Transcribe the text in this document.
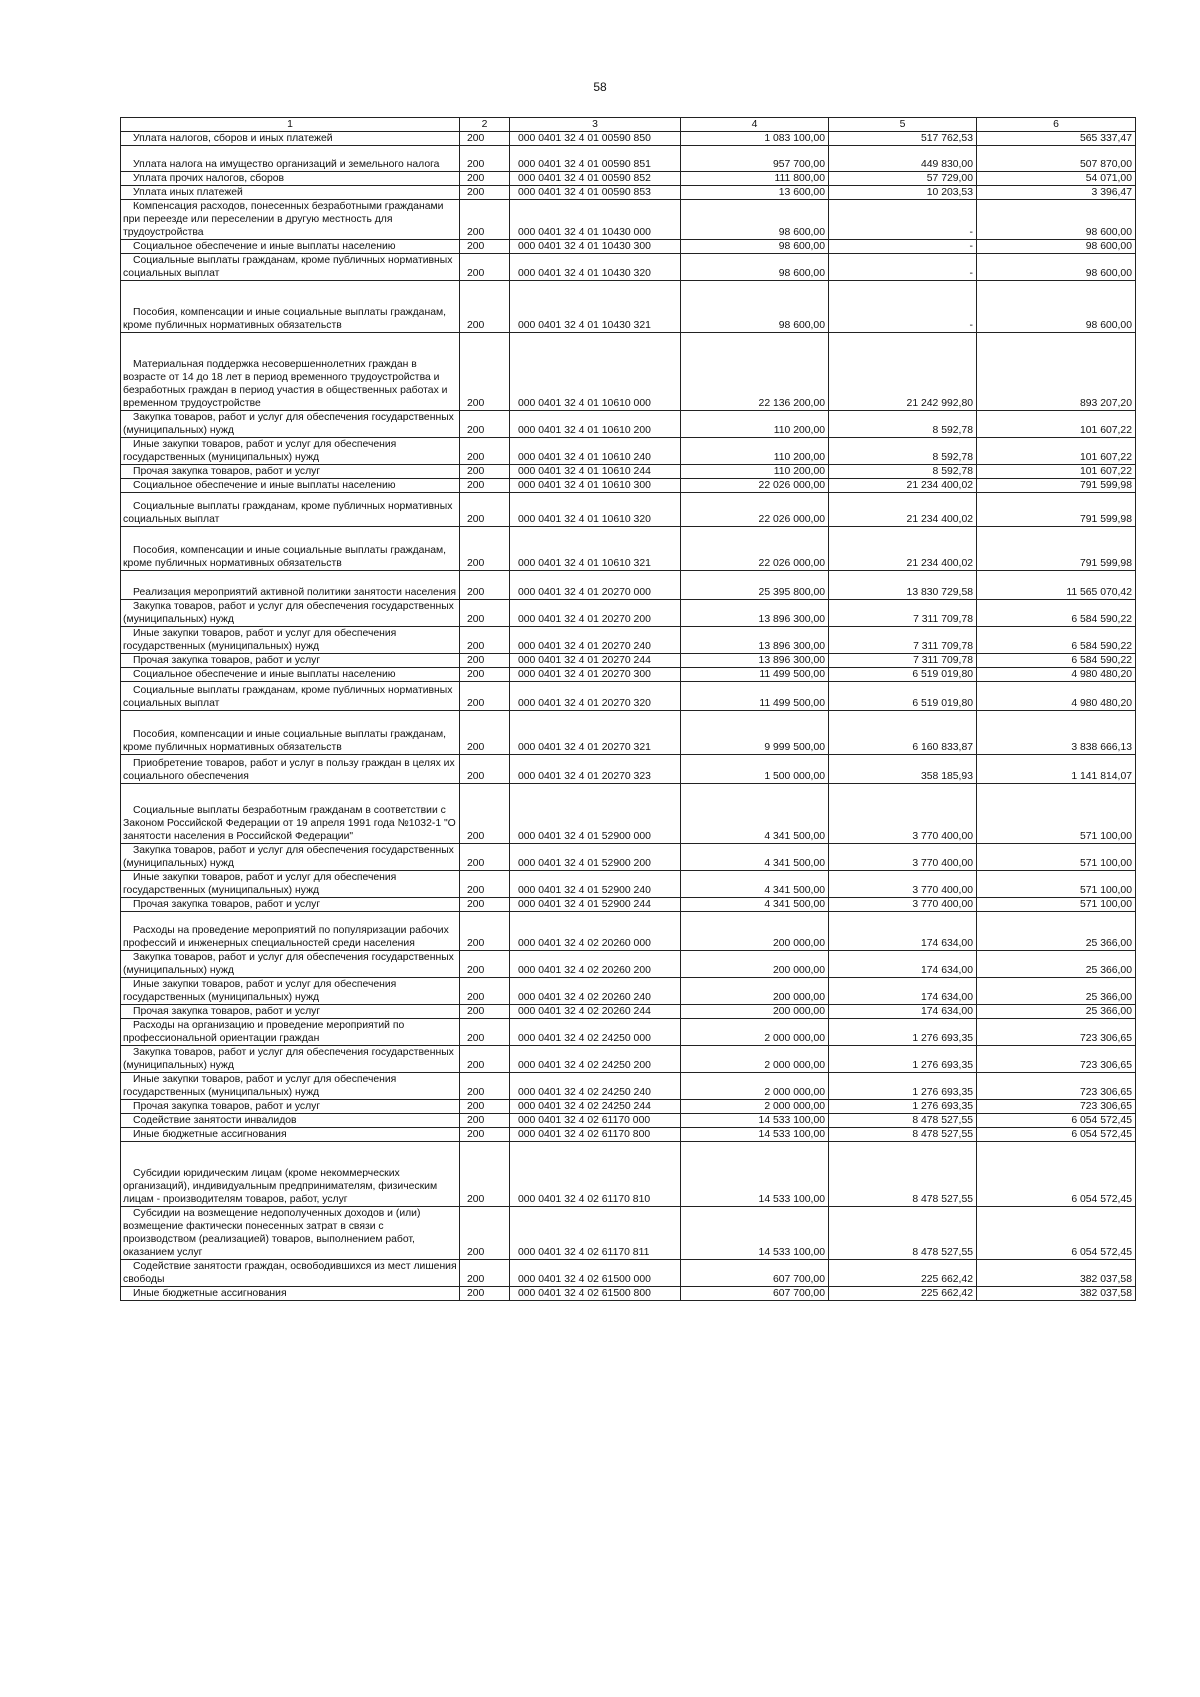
58
1	2	3	4	5	6

Уплата налогов, сборов и иных платежей	200	000 0401 32 4 01 00590 850	1 083 100,00	517 762,53	565 337,47

Уплата налога на имущество организаций и земельного налога	200	000 0401 32 4 01 00590 851	957 700,00	449 830,00	507 870,00

Уплата прочих налогов, сборов	200	000 0401 32 4 01 00590 852	111 800,00	57 729,00	54 071,00

Уплата иных платежей	200	000 0401 32 4 01 00590 853	13 600,00	10 203,53	3 396,47

Компенсация расходов, понесенных безработными гражданами при переезде или переселении в другую местность для трудоустройства	200	000 0401 32 4 01 10430 000	98 600,00	-	98 600,00

Социальное обеспечение и иные выплаты населению	200	000 0401 32 4 01 10430 300	98 600,00	-	98 600,00

Социальные выплаты гражданам, кроме публичных нормативных социальных выплат	200	000 0401 32 4 01 10430 320	98 600,00	-	98 600,00

Пособия, компенсации и иные социальные выплаты гражданам, кроме публичных нормативных обязательств	200	000 0401 32 4 01 10430 321	98 600,00	-	98 600,00

Материальная поддержка несовершеннолетних граждан в возрасте от 14 до 18 лет в период временного трудоустройства и безработных граждан в период участия в общественных работах и временном трудоустройстве	200	000 0401 32 4 01 10610 000	22 136 200,00	21 242 992,80	893 207,20

Закупка товаров, работ и услуг для обеспечения государственных (муниципальных) нужд	200	000 0401 32 4 01 10610 200	110 200,00	8 592,78	101 607,22

Иные закупки товаров, работ и услуг для обеспечения государственных (муниципальных) нужд	200	000 0401 32 4 01 10610 240	110 200,00	8 592,78	101 607,22

Прочая закупка товаров, работ и услуг	200	000 0401 32 4 01 10610 244	110 200,00	8 592,78	101 607,22

Социальное обеспечение и иные выплаты населению	200	000 0401 32 4 01 10610 300	22 026 000,00	21 234 400,02	791 599,98

Социальные выплаты гражданам, кроме публичных нормативных социальных выплат	200	000 0401 32 4 01 10610 320	22 026 000,00	21 234 400,02	791 599,98

Пособия, компенсации и иные социальные выплаты гражданам, кроме публичных нормативных обязательств	200	000 0401 32 4 01 10610 321	22 026 000,00	21 234 400,02	791 599,98

Реализация мероприятий активной политики занятости населения	200	000 0401 32 4 01 20270 000	25 395 800,00	13 830 729,58	11 565 070,42

Закупка товаров, работ и услуг для обеспечения государственных (муниципальных) нужд	200	000 0401 32 4 01 20270 200	13 896 300,00	7 311 709,78	6 584 590,22

Иные закупки товаров, работ и услуг для обеспечения государственных (муниципальных) нужд	200	000 0401 32 4 01 20270 240	13 896 300,00	7 311 709,78	6 584 590,22

Прочая закупка товаров, работ и услуг	200	000 0401 32 4 01 20270 244	13 896 300,00	7 311 709,78	6 584 590,22

Социальное обеспечение и иные выплаты населению	200	000 0401 32 4 01 20270 300	11 499 500,00	6 519 019,80	4 980 480,20

Социальные выплаты гражданам, кроме публичных нормативных социальных выплат	200	000 0401 32 4 01 20270 320	11 499 500,00	6 519 019,80	4 980 480,20

Пособия, компенсации и иные социальные выплаты гражданам, кроме публичных нормативных обязательств	200	000 0401 32 4 01 20270 321	9 999 500,00	6 160 833,87	3 838 666,13

Приобретение товаров, работ и услуг в пользу граждан в целях их социального обеспечения	200	000 0401 32 4 01 20270 323	1 500 000,00	358 185,93	1 141 814,07

Социальные выплаты безработным гражданам в соответствии с Законом Российской Федерации от 19 апреля 1991 года №1032-1 "О занятости населения в Российской Федерации"	200	000 0401 32 4 01 52900 000	4 341 500,00	3 770 400,00	571 100,00

Закупка товаров, работ и услуг для обеспечения государственных (муниципальных) нужд	200	000 0401 32 4 01 52900 200	4 341 500,00	3 770 400,00	571 100,00

Иные закупки товаров, работ и услуг для обеспечения государственных (муниципальных) нужд	200	000 0401 32 4 01 52900 240	4 341 500,00	3 770 400,00	571 100,00

Прочая закупка товаров, работ и услуг	200	000 0401 32 4 01 52900 244	4 341 500,00	3 770 400,00	571 100,00

Расходы на проведение мероприятий по популяризации рабочих профессий и инженерных специальностей среди населения	200	000 0401 32 4 02 20260 000	200 000,00	174 634,00	25 366,00

Закупка товаров, работ и услуг для обеспечения государственных (муниципальных) нужд	200	000 0401 32 4 02 20260 200	200 000,00	174 634,00	25 366,00

Иные закупки товаров, работ и услуг для обеспечения государственных (муниципальных) нужд	200	000 0401 32 4 02 20260 240	200 000,00	174 634,00	25 366,00

Прочая закупка товаров, работ и услуг	200	000 0401 32 4 02 20260 244	200 000,00	174 634,00	25 366,00

Расходы на организацию и проведение мероприятий по профессиональной ориентации граждан	200	000 0401 32 4 02 24250 000	2 000 000,00	1 276 693,35	723 306,65

Закупка товаров, работ и услуг для обеспечения государственных (муниципальных) нужд	200	000 0401 32 4 02 24250 200	2 000 000,00	1 276 693,35	723 306,65

Иные закупки товаров, работ и услуг для обеспечения государственных (муниципальных) нужд	200	000 0401 32 4 02 24250 240	2 000 000,00	1 276 693,35	723 306,65

Прочая закупка товаров, работ и услуг	200	000 0401 32 4 02 24250 244	2 000 000,00	1 276 693,35	723 306,65

Содействие занятости инвалидов	200	000 0401 32 4 02 61170 000	14 533 100,00	8 478 527,55	6 054 572,45

Иные бюджетные ассигнования	200	000 0401 32 4 02 61170 800	14 533 100,00	8 478 527,55	6 054 572,45

Субсидии юридическим лицам (кроме некоммерческих организаций), индивидуальным предпринимателям, физическим лицам - производителям товаров, работ, услуг	200	000 0401 32 4 02 61170 810	14 533 100,00	8 478 527,55	6 054 572,45

Субсидии на возмещение недополученных доходов и (или) возмещение фактически понесенных затрат в связи с производством (реализацией) товаров, выполнением работ, оказанием услуг	200	000 0401 32 4 02 61170 811	14 533 100,00	8 478 527,55	6 054 572,45

Содействие занятости граждан, освободившихся из мест лишения свободы	200	000 0401 32 4 02 61500 000	607 700,00	225 662,42	382 037,58

Иные бюджетные ассигнования	200	000 0401 32 4 02 61500 800	607 700,00	225 662,42	382 037,58
